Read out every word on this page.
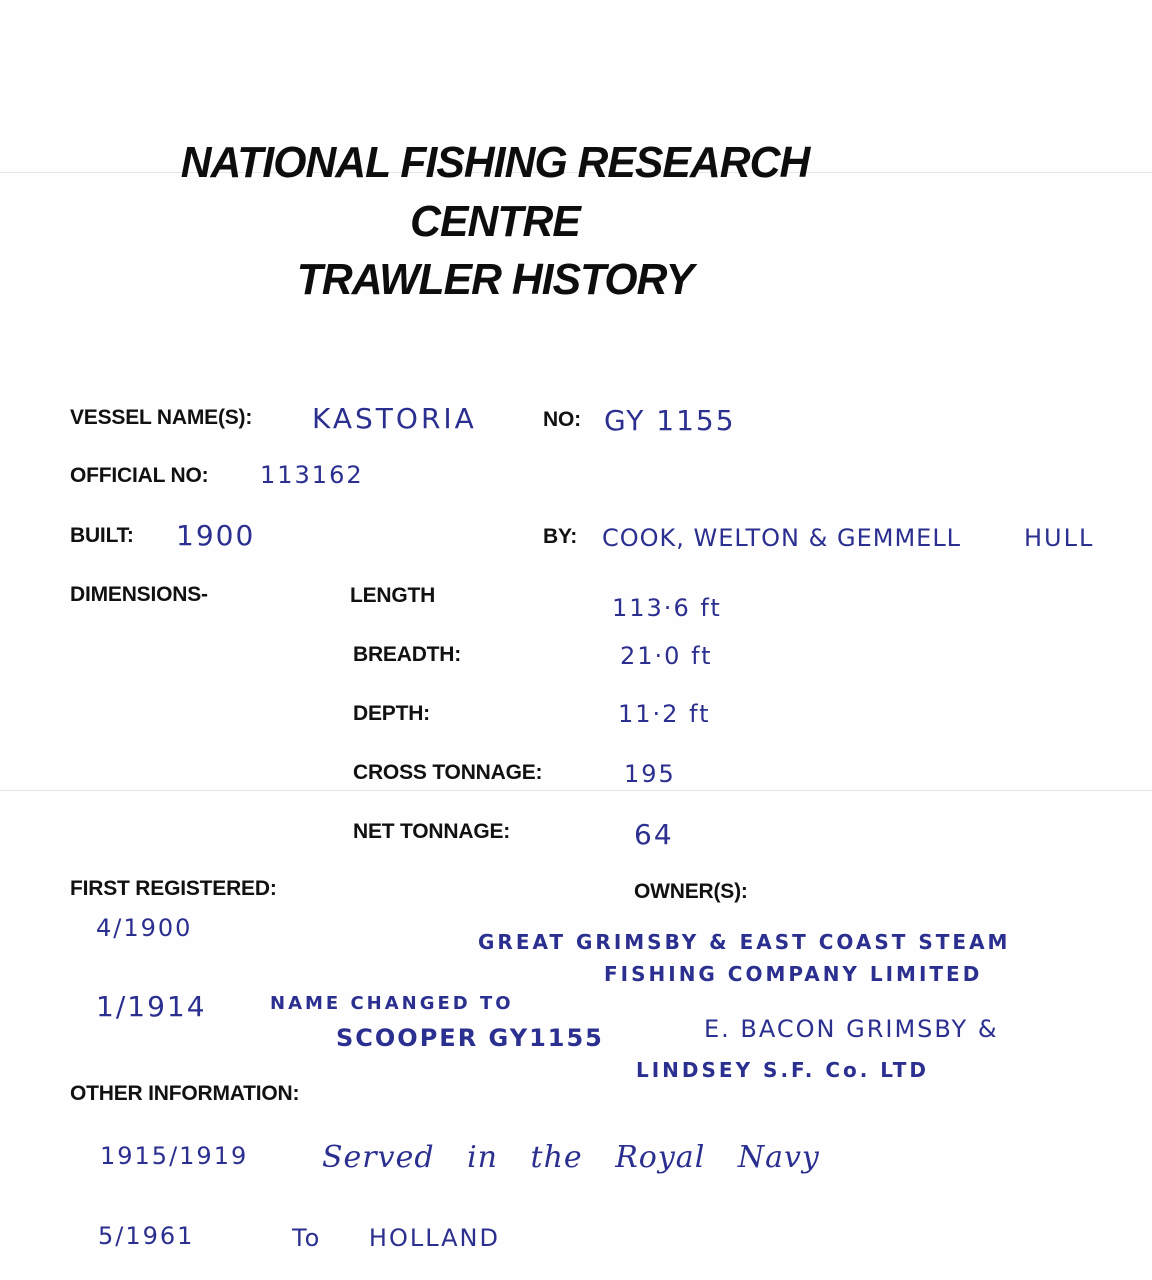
NATIONAL FISHING RESEARCH
CENTRE
TRAWLER HISTORY
VESSEL NAME(S): KASTORIA	NO: GY 1155
OFFICIAL NO: 113162
BUILT: 1900	BY: COOK, WELTON & GEMMELL	HULL
DIMENSIONS-	LENGTH	113·6 ft
BREADTH:	21·0 ft
DEPTH:	11·2 ft
CROSS TONNAGE:	195
NET TONNAGE:	64
FIRST REGISTERED:	OWNER(S):
4/1900	GREAT GRIMSBY & EAST COAST STEAM
FISHING COMPANY LIMITED
1/1914	NAME CHANGED TO
SCOOPER GY1155	E. BACON GRIMSBY &
LINDSEY S.F. Co. LTD
OTHER INFORMATION:
1915/1919 Served in the Royal Navy
5/1961	To HOLLAND
